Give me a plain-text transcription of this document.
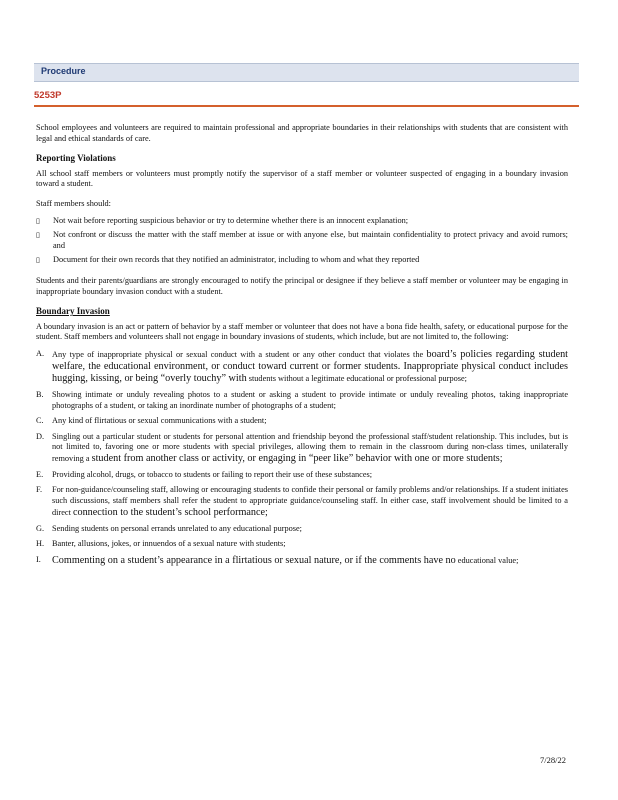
Procedure
5253P

School employees and volunteers are required to maintain professional and appropriate boundaries in their relationships with students that are consistent with legal and ethical standards of care.

Reporting Violations

All school staff members or volunteers must promptly notify the supervisor of a staff member or volunteer suspected of engaging in a boundary invasion toward a student.

Staff members should:

▯	Not wait before reporting suspicious behavior or try to determine whether there is an innocent explanation;
▯	Not confront or discuss the matter with the staff member at issue or with anyone else, but maintain confidentiality to protect privacy and avoid rumors; and
▯	Document for their own records that they notified an administrator, including to whom and what they reported

Students and their parents/guardians are strongly encouraged to notify the principal or designee if they believe a staff member or volunteer may be engaging in inappropriate boundary invasion conduct with a student.

Boundary Invasion

A boundary invasion is an act or pattern of behavior by a staff member or volunteer that does not have a bona fide health, safety, or educational purpose for the student. Staff members and volunteers shall not engage in boundary invasions of students, which include, but are not limited to, the following:

A. Any type of inappropriate physical or sexual conduct with a student or any other conduct that violates the board’s policies regarding student welfare, the educational environment, or conduct toward current or former students. Inappropriate physical conduct includes hugging, kissing, or being “overly touchy” with students without a legitimate educational or professional purpose;
B.	Showing intimate or unduly revealing photos to a student or asking a student to provide intimate or unduly revealing photos, taking inappropriate photographs of a student, or taking an inordinate number of photographs of a student;
C.	Any kind of flirtatious or sexual communications with a student;
D. Singling out a particular student or students for personal attention and friendship beyond the professional staff/student relationship. This includes, but is not limited to, favoring one or more students with special privileges, allowing them to remain in the classroom during non-class times, unilaterally removing a student from another class or activity, or engaging in “peer like” behavior with one or more students;
E.	Providing alcohol, drugs, or tobacco to students or failing to report their use of these substances;
F.	For non-guidance/counseling staff, allowing or encouraging students to confide their personal or family problems and/or relationships. If a student initiates such discussions, staff members shall refer the student to appropriate guidance/counseling staff. In either case, staff involvement should be limited to a direct connection to the student’s school performance;
G. Sending students on personal errands unrelated to any educational purpose;
H. Banter, allusions, jokes, or innuendos of a sexual nature with students;
I.	Commenting on a student’s appearance in a flirtatious or sexual nature, or if the comments have no educational value;
7/28/22
